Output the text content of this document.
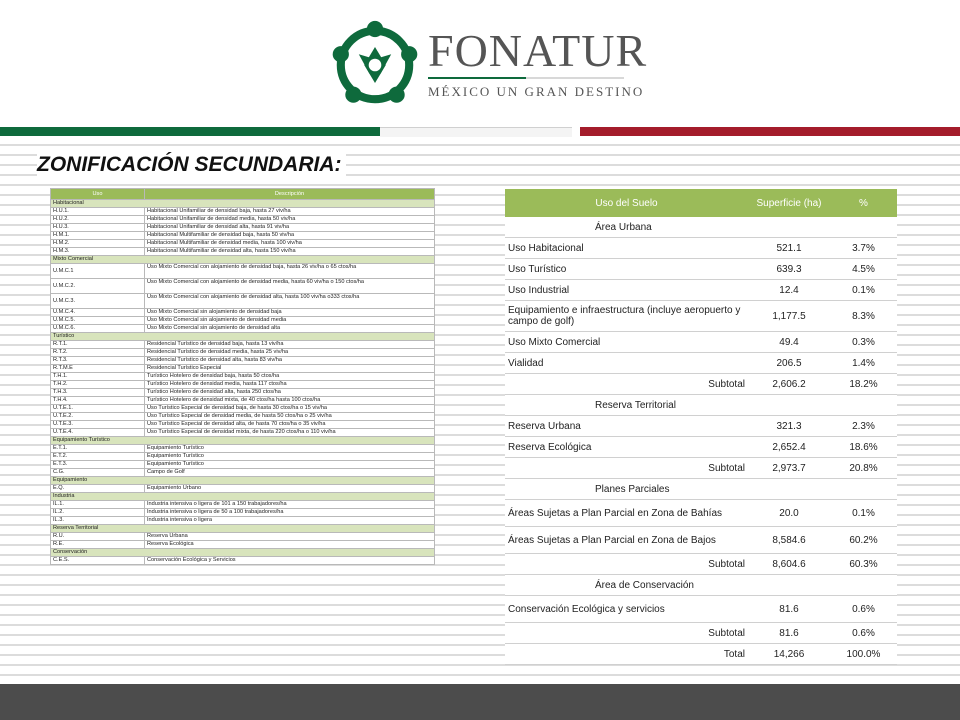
FONATUR
MÉXICO UN GRAN DESTINO
ZONIFICACIÓN SECUNDARIA:
Uso	Descripción
Habitacional	
H.U.1.	Habitacional Unifamiliar de densidad baja, hasta 27 viv/ha
H.U.2.	Habitacional Unifamiliar de densidad media, hasta 50 viv/ha
H.U.3.	Habitacional Unifamiliar de densidad alta, hasta 91 viv/ha
H.M.1.	Habitacional Multifamiliar de densidad baja, hasta 50 viv/ha
H.M.2.	Habitacional Multifamiliar de densidad media, hasta 100 viv/ha
H.M.3.	Habitacional Multifamiliar de densidad alta, hasta 150 viv/ha
Mixto Comercial	
U.M.C.1	Uso Mixto Comercial con alojamiento de densidad baja, hasta 26 viv/ha o 65 ctos/ha
U.M.C.2.	Uso Mixto Comercial con alojamiento de densidad media, hasta 60 viv/ha o 150 ctos/ha
U.M.C.3.	Uso Mixto Comercial con alojamiento de densidad alta, hasta 100 viv/ha o333 ctos/ha
U.M.C.4.	Uso Mixto Comercial sin alojamiento de densidad baja
U.M.C.5.	Uso Mixto Comercial sin alojamiento de densidad media
U.M.C.6.	Uso Mixto Comercial sin alojamiento de densidad alta
Turístico	
R.T.1.	Residencial Turístico de densidad baja, hasta 13 viv/ha
R.T.2.	Residencial Turístico de densidad media, hasta 25 viv/ha
R.T.3.	Residencial Turístico de densidad alta, hasta 83 viv/ha
R.T.M.E	Residencial Turístico Especial
T.H.1.	Turístico Hotelero de densidad baja, hasta 50 ctos/ha
T.H.2.	Turístico Hotelero de densidad media, hasta 117 ctos/ha
T.H.3.	Turístico Hotelero de densidad alta, hasta 250 ctos/ha
T.H.4.	Turístico Hotelero de densidad mixta, de 40 ctos/ha hasta 100 ctos/ha
U.T.E.1.	Uso Turístico Especial de densidad baja, de hasta 30 ctos/ha o 15 viv/ha
U.T.E.2.	Uso Turístico Especial de densidad media, de hasta 50 ctos/ha o 25 viv/ha
U.T.E.3.	Uso Turístico Especial de densidad alta, de hasta 70 ctos/ha o 35 viv/ha
U.T.E.4.	Uso Turístico Especial de densidad mixta, de hasta 220 ctos/ha o 110 viv/ha
Equipamiento Turístico	
E.T.1.	Equipamiento Turístico
E.T.2.	Equipamiento Turístico
E.T.3.	Equipamiento Turístico
C.G.	Campo de Golf
Equipamiento	
E.Q.	Equipamiento Urbano
Industria	
IL.1.	Industria intensiva o ligera de 101 a 150 trabajadores/ha
IL.2.	Industria intensiva o ligera de 50 a 100 trabajadores/ha
IL.3.	Industria intensiva o ligera
Reserva Territorial	
R.U.	Reserva Urbana
R.E.	Reserva Ecológica
Conservación	
C.E.S.	Conservación Ecológica y Servicios
Uso del Suelo	Superficie (ha)	%
Área Urbana		
Uso Habitacional	521.1	3.7%
Uso Turístico	639.3	4.5%
Uso Industrial	12.4	0.1%
Equipamiento e infraestructura (incluye aeropuerto y campo de golf)	1,177.5	8.3%
Uso Mixto Comercial	49.4	0.3%
Vialidad	206.5	1.4%
Subtotal	2,606.2	18.2%
Reserva Territorial		
Reserva Urbana	321.3	2.3%
Reserva Ecológica	2,652.4	18.6%
Subtotal	2,973.7	20.8%
Planes Parciales		
Áreas Sujetas a Plan Parcial en Zona de Bahías	20.0	0.1%
Áreas Sujetas a Plan Parcial en Zona de Bajos	8,584.6	60.2%
Subtotal	8,604.6	60.3%
Área de Conservación		
Conservación Ecológica y servicios	81.6	0.6%
Subtotal	81.6	0.6%
Total	14,266	100.0%
